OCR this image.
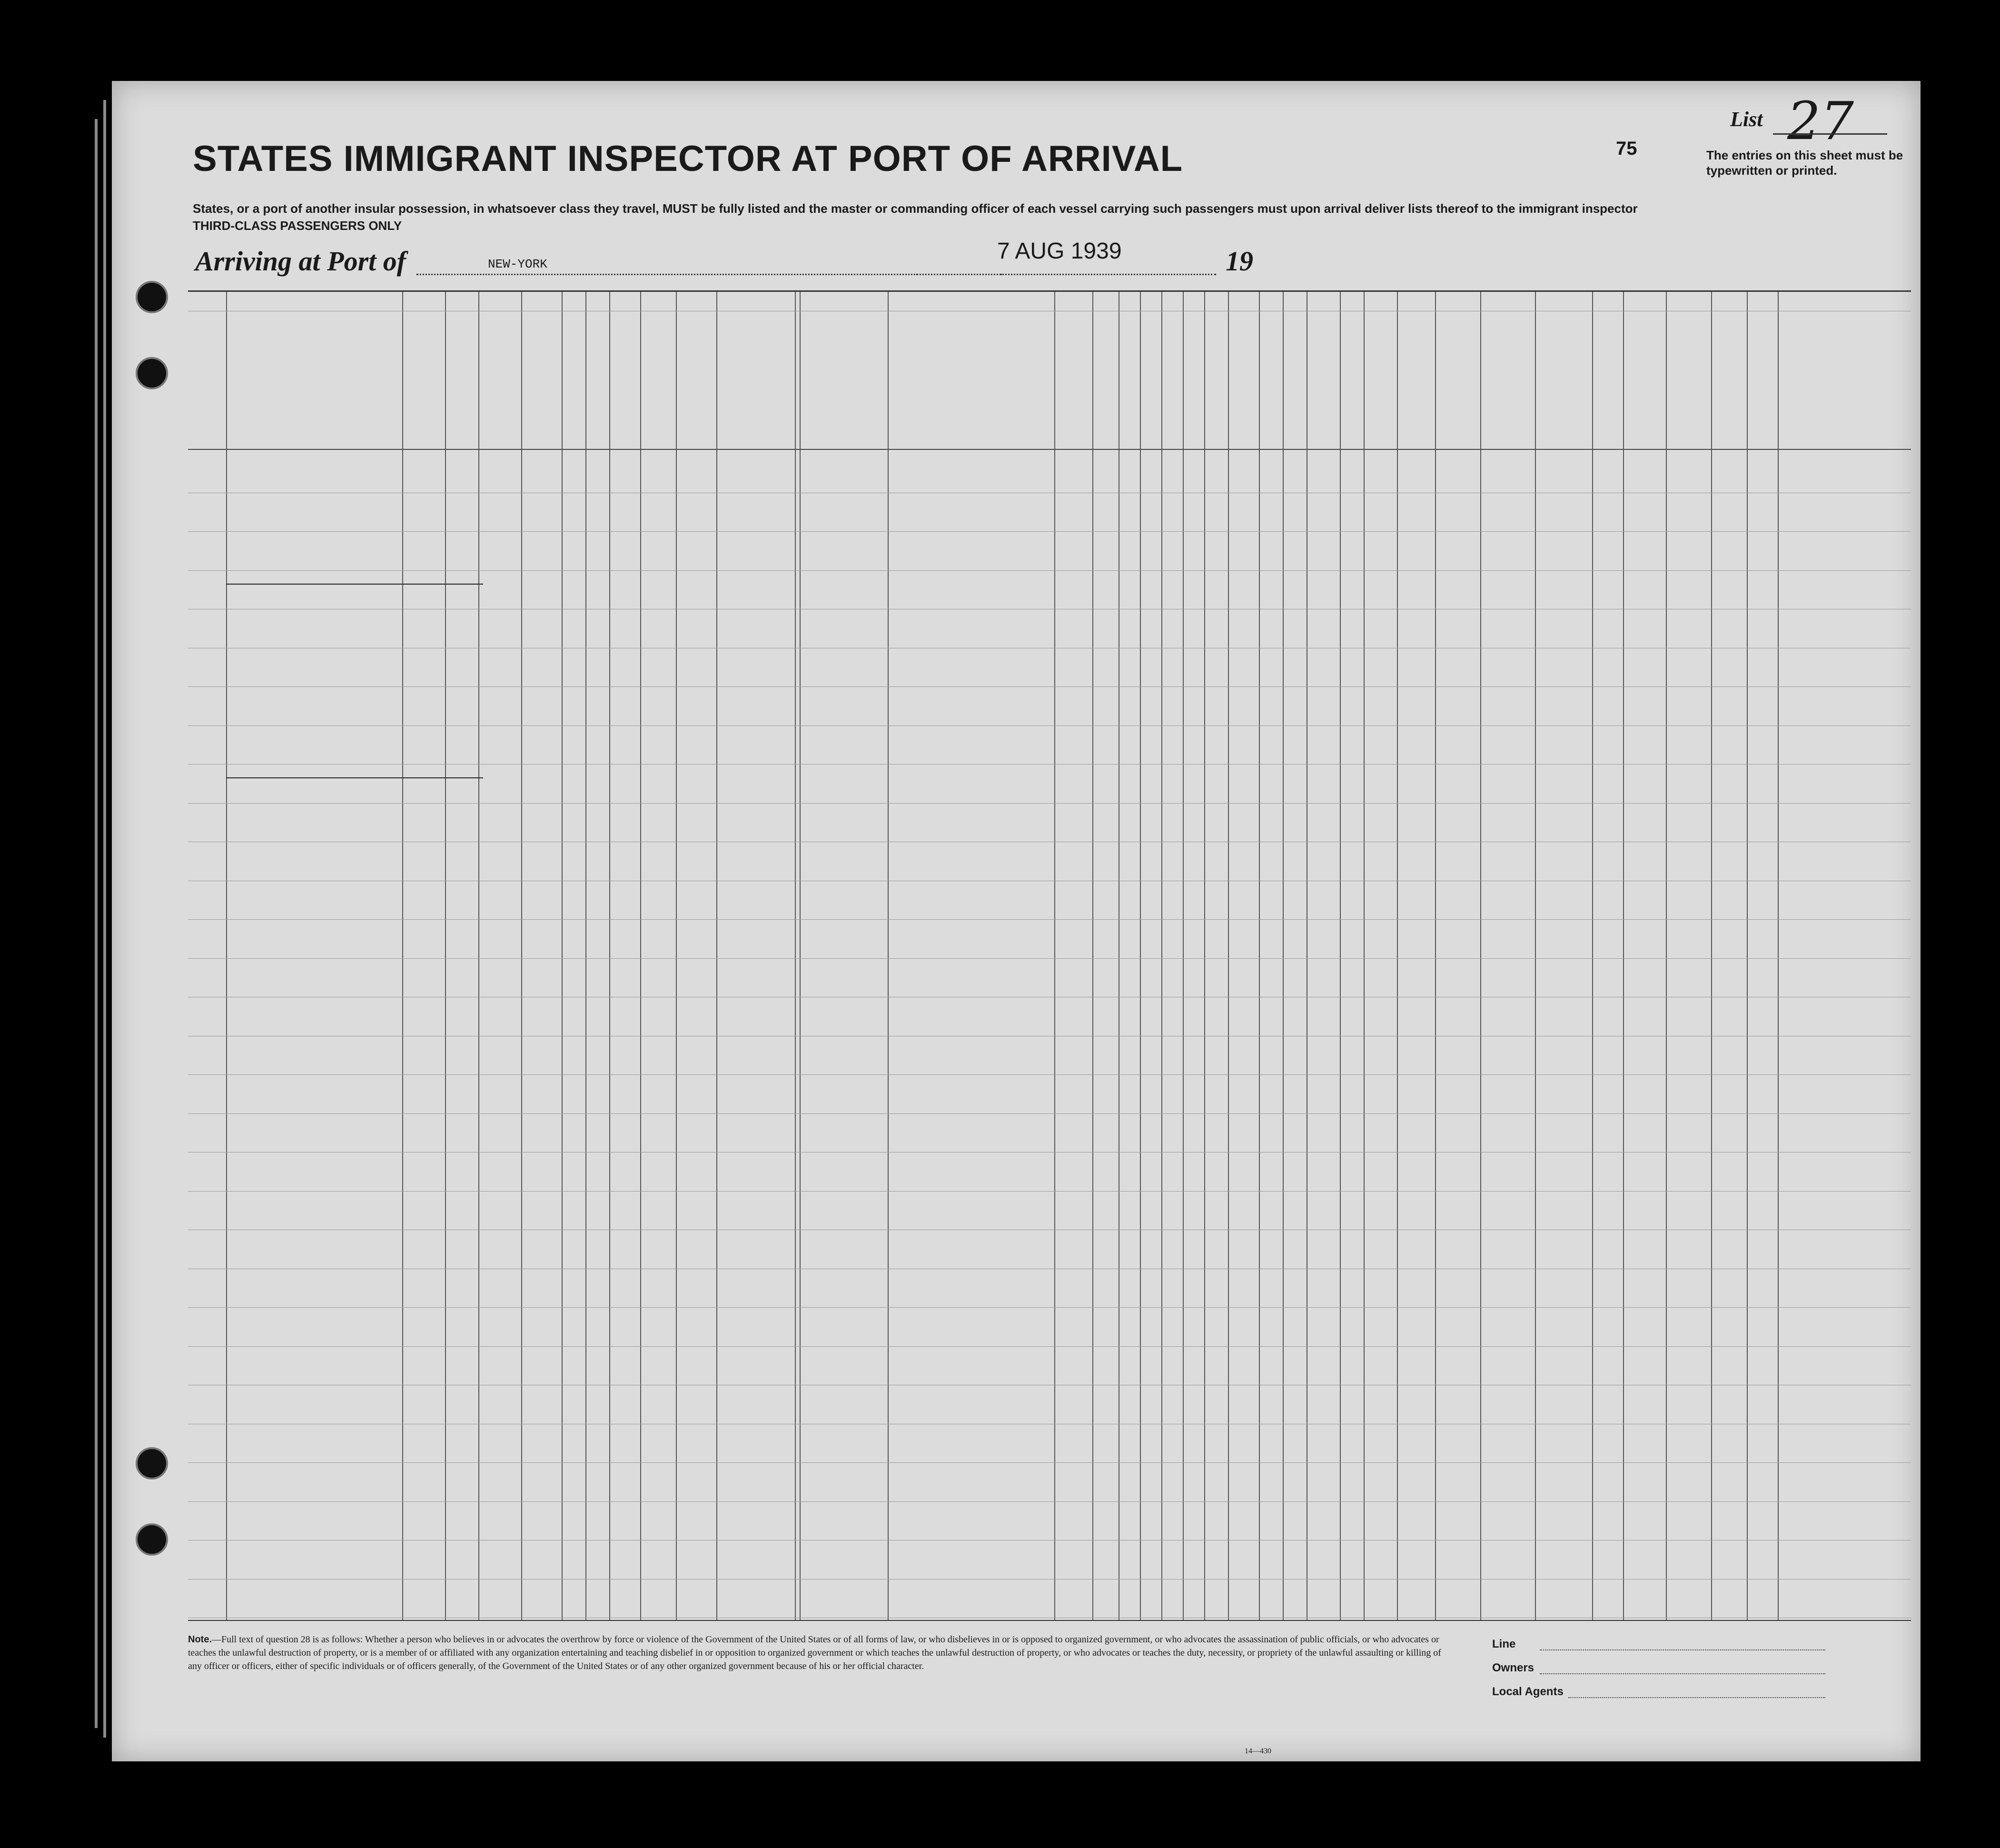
STATES IMMIGRANT INSPECTOR AT PORT OF ARRIVAL
States, or a port of another insular possession, in whatsoever class they travel, MUST be fully listed and the master or commanding officer of each vessel carrying such passengers must upon arrival deliver lists thereof to the immigrant inspector
THIRD-CLASS PASSENGERS ONLY
Arriving at Port of	NEW-YORK
7 AUG 1939	19
75
List 27
The entries on this sheet must be typewritten or printed.
Note.—Full text of question 28 is as follows: Whether a person who believes in or advocates the overthrow by force or violence of the Government of the United States or of all forms of law, or who disbelieves in or is opposed to organized government, or who advocates the assassination of public officials, or who advocates or teaches the unlawful destruction of property, or is a member of or affiliated with any organization entertaining and teaching disbelief in or opposition to organized government or which teaches the unlawful destruction of property, or who advocates or teaches the duty, necessity, or propriety of the unlawful assaulting or killing of any officer or officers, either of specific individuals or of officers generally, of the Government of the United States or of any other organized government because of his or her official character.
14—430
Line
Owners
Local Agents
